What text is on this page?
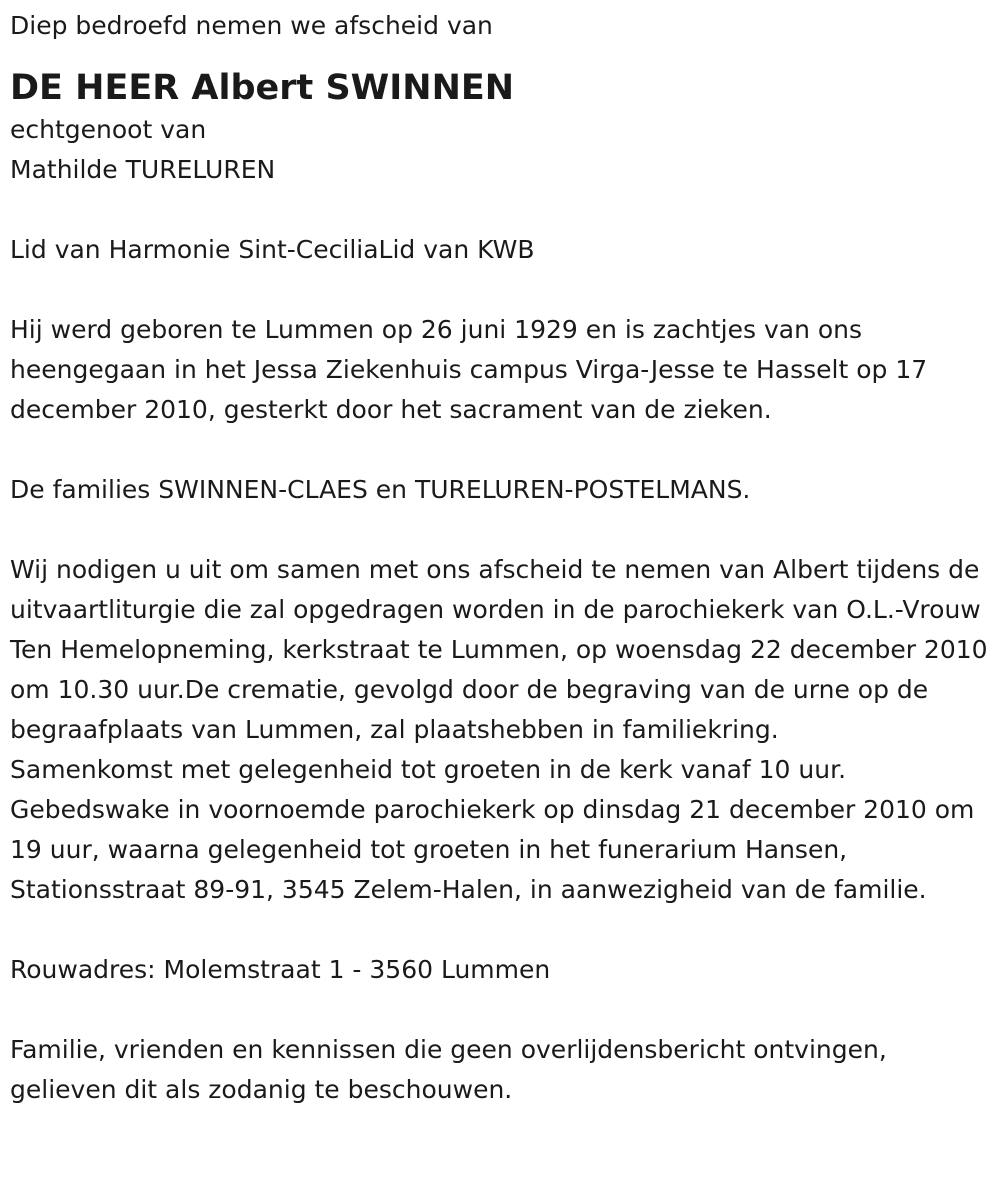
Diep bedroefd nemen we afscheid van

DE HEER Albert SWINNEN

echtgenoot van

Mathilde TURELUREN

Lid van Harmonie Sint-CeciliaLid van KWB

Hij werd geboren te Lummen op 26 juni 1929 en is zachtjes van ons heengegaan in het Jessa Ziekenhuis campus Virga-Jesse te Hasselt op 17 december 2010, gesterkt door het sacrament van de zieken.

De families SWINNEN-CLAES en TURELUREN-POSTELMANS.

Wij nodigen u uit om samen met ons afscheid te nemen van Albert tijdens de uitvaartliturgie die zal opgedragen worden in de parochiekerk van O.L.-Vrouw Ten Hemelopneming, kerkstraat te Lummen, op woensdag 22 december 2010 om 10.30 uur.De crematie, gevolgd door de begraving van de urne op de begraafplaats van Lummen, zal plaatshebben in familiekring.

Samenkomst met gelegenheid tot groeten in de kerk vanaf 10 uur.

Gebedswake in voornoemde parochiekerk op dinsdag 21 december 2010 om 19 uur, waarna gelegenheid tot groeten in het funerarium Hansen, Stationsstraat 89-91, 3545 Zelem-Halen, in aanwezigheid van de familie.

Rouwadres: Molemstraat 1 - 3560 Lummen

Familie, vrienden en kennissen die geen overlijdensbericht ontvingen, gelieven dit als zodanig te beschouwen.
